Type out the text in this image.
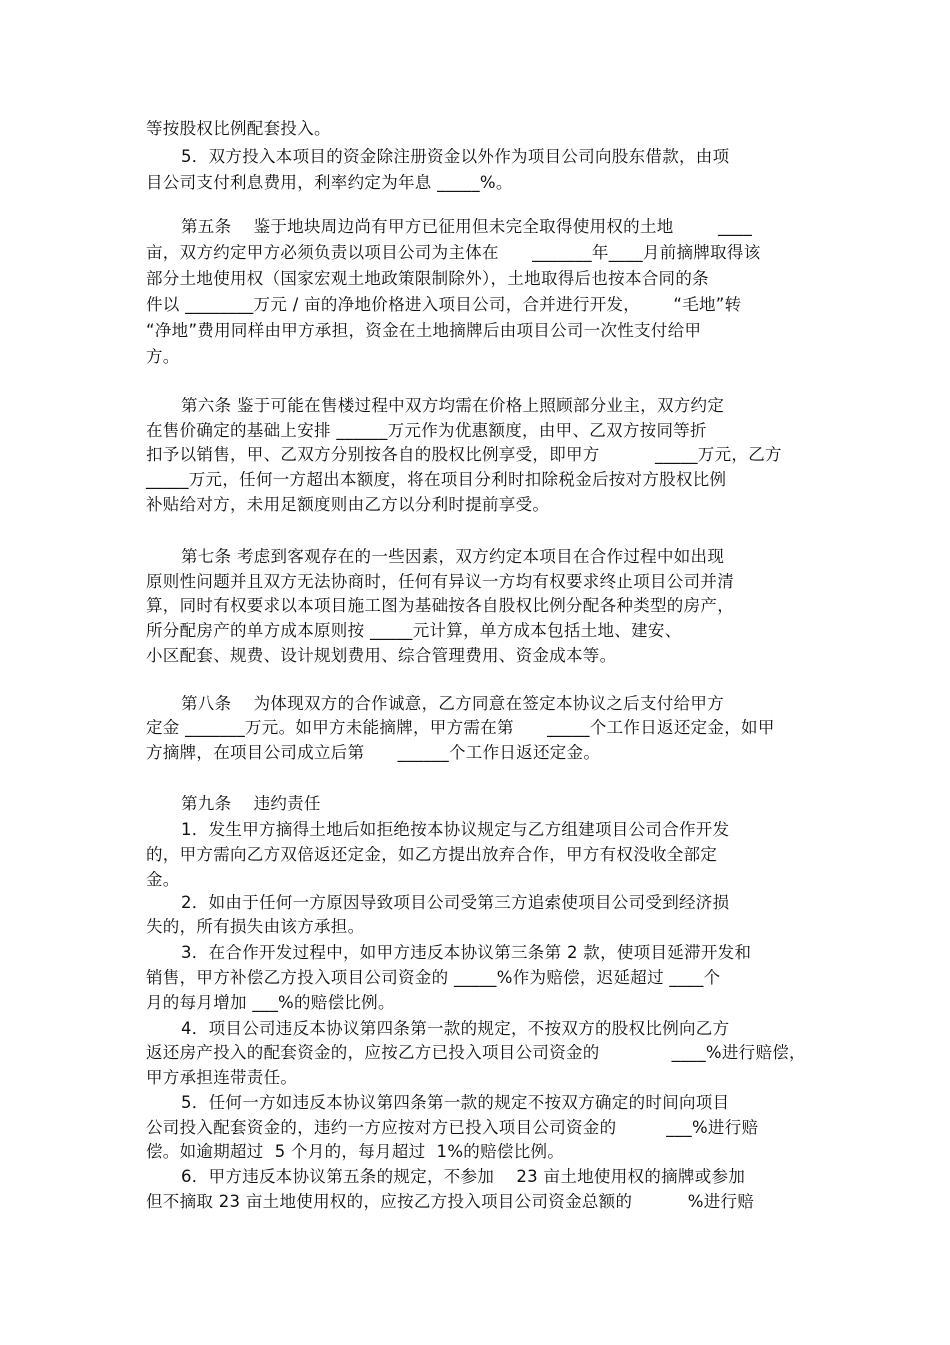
等按股权比例配套投入。
5．双方投入本项目的资金除注册资金以外作为项目公司向股东借款，由项
目公司支付利息费用，利率约定为年息 _____%。
第五条    鉴于地块周边尚有甲方已征用但未完全取得使用权的土地        ____
亩，双方约定甲方必须负责以项目公司为主体在      _______年____月前摘牌取得该
部分土地使用权（国家宏观土地政策限制除外），土地取得后也按本合同的条
件以 ________万元 / 亩的净地价格进入项目公司，合并进行开发，      “毛地”转
“净地”费用同样由甲方承担，资金在土地摘牌后由项目公司一次性支付给甲
方。
第六条 鉴于可能在售楼过程中双方均需在价格上照顾部分业主，双方约定
在售价确定的基础上安排 ______万元作为优惠额度，由甲、乙双方按同等折
扣予以销售，甲、乙双方分别按各自的股权比例享受，即甲方          _____万元，乙方
_____万元，任何一方超出本额度，将在项目分利时扣除税金后按对方股权比例
补贴给对方，未用足额度则由乙方以分利时提前享受。
第七条 考虑到客观存在的一些因素，双方约定本项目在合作过程中如出现
原则性问题并且双方无法协商时，任何有异议一方均有权要求终止项目公司并清
算，同时有权要求以本项目施工图为基础按各自股权比例分配各种类型的房产，
所分配房产的单方成本原则按 _____元计算，单方成本包括土地、建安、
小区配套、规费、设计规划费用、综合管理费用、资金成本等。
第八条    为体现双方的合作诚意，乙方同意在签定本协议之后支付给甲方
定金 _______万元。如甲方未能摘牌，甲方需在第      _____个工作日返还定金，如甲
方摘牌，在项目公司成立后第      ______个工作日返还定金。
第九条    违约责任
1．发生甲方摘得土地后如拒绝按本协议规定与乙方组建项目公司合作开发
的，甲方需向乙方双倍返还定金，如乙方提出放弃合作，甲方有权没收全部定
金。
2．如由于任何一方原因导致项目公司受第三方追索使项目公司受到经济损
失的，所有损失由该方承担。
3．在合作开发过程中，如甲方违反本协议第三条第 2 款，使项目延滞开发和
销售，甲方补偿乙方投入项目公司资金的 _____%作为赔偿，迟延超过 ____个
月的每月增加 ___%的赔偿比例。
4．项目公司违反本协议第四条第一款的规定，不按双方的股权比例向乙方
返还房产投入的配套资金的，应按乙方已投入项目公司资金的             ____%进行赔偿，
甲方承担连带责任。
5．任何一方如违反本协议第四条第一款的规定不按双方确定的时间向项目
公司投入配套资金的，违约一方应按对方已投入项目公司资金的         ___%进行赔
偿。如逾期超过  5 个月的，每月超过  1%的赔偿比例。
6．甲方违反本协议第五条的规定，不参加    23 亩土地使用权的摘牌或参加
但不摘取 23 亩土地使用权的，应按乙方投入项目公司资金总额的          %进行赔
